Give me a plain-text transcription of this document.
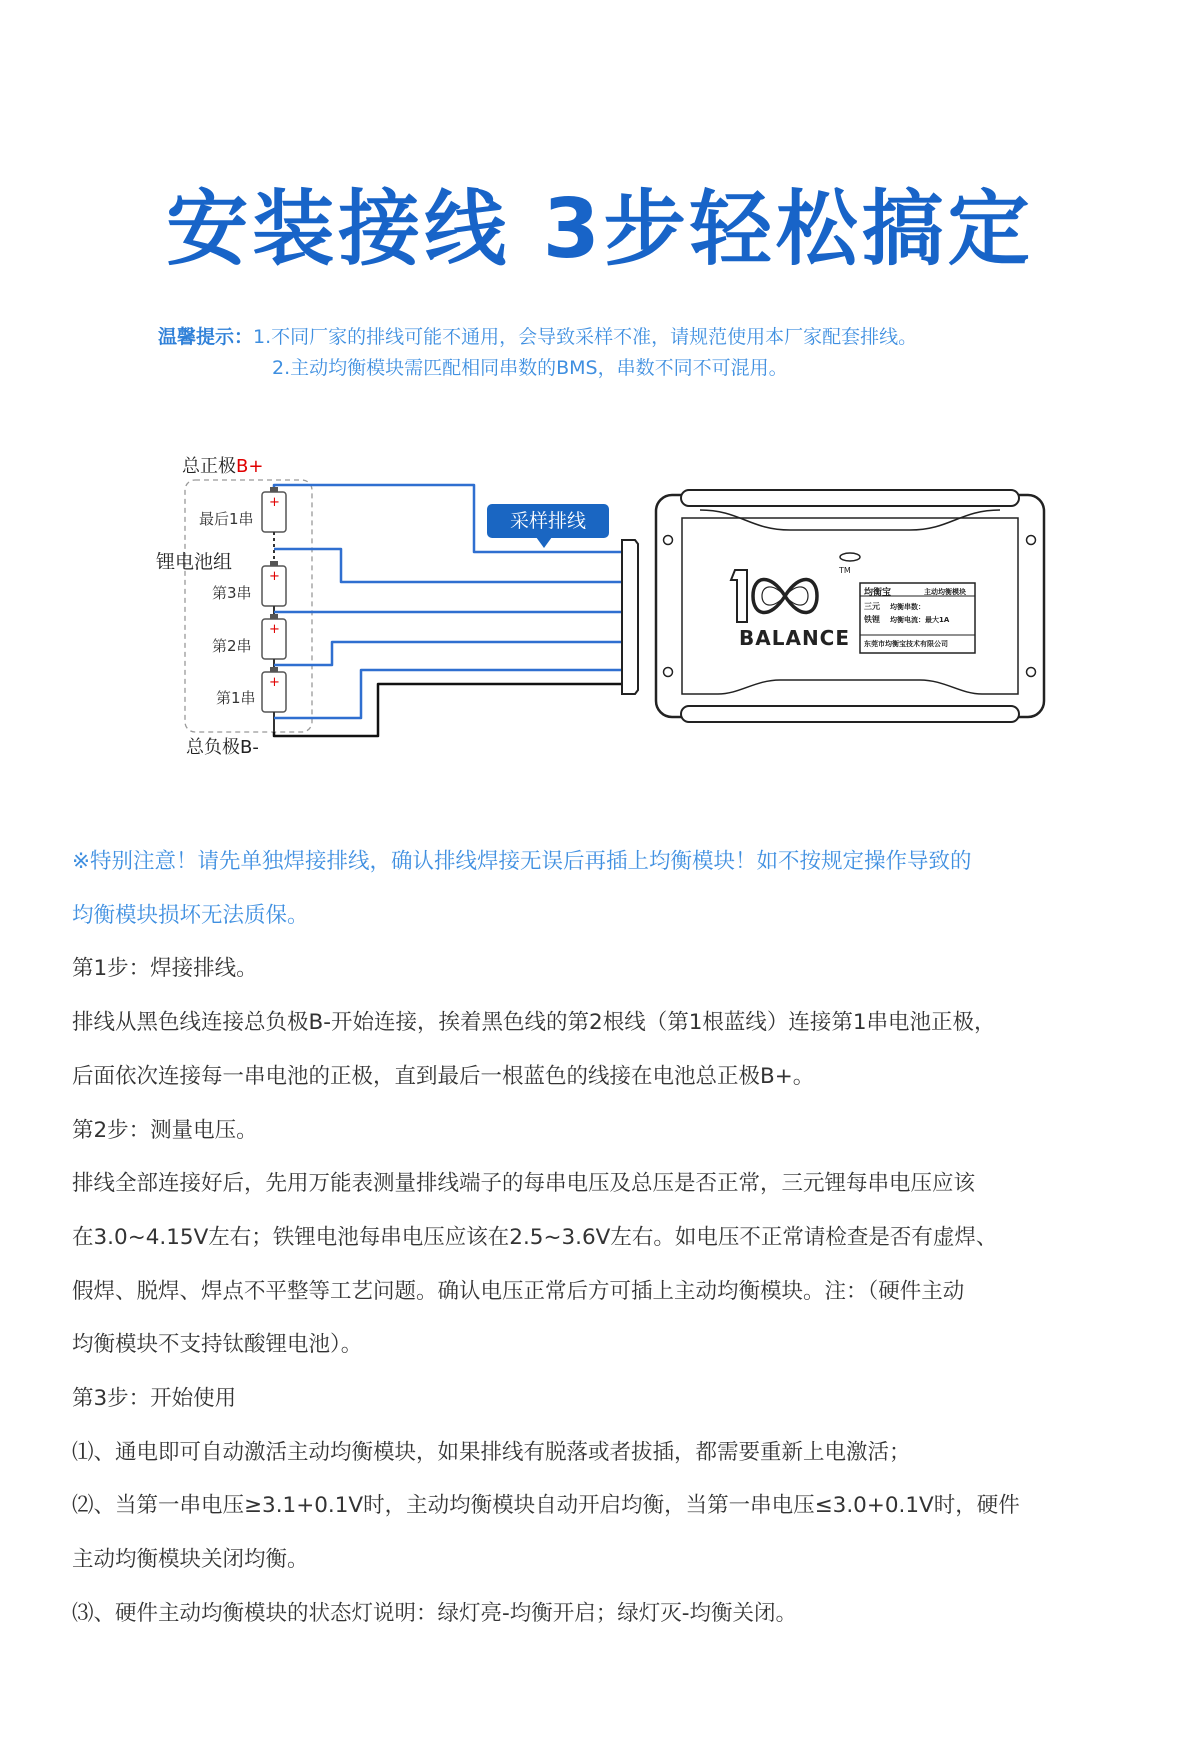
安装接线 3步轻松搞定
温馨提示：1.不同厂家的排线可能不通用，会导致采样不准，请规范使用本厂家配套排线。
2.主动均衡模块需匹配相同串数的BMS，串数不同不可混用。
+
+
+
+
总正极B+
总负极B-
锂电池组
最后1串
第3串
第2串
第1串
采样排线
BALANCE
TM
均衡宝	主动均衡模块
三元 均衡串数：
铁锂 均衡电流：最大1A
东莞市均衡宝技术有限公司

※特别注意！请先单独焊接排线，确认排线焊接无误后再插上均衡模块！如不按规定操作导致的

均衡模块损坏无法质保。

第1步：焊接排线。

排线从黑色线连接总负极B-开始连接，挨着黑色线的第2根线（第1根蓝线）连接第1串电池正极，

后面依次连接每一串电池的正极，直到最后一根蓝色的线接在电池总正极B+。

第2步：测量电压。

排线全部连接好后，先用万能表测量排线端子的每串电压及总压是否正常，三元锂每串电压应该

在3.0~4.15V左右；铁锂电池每串电压应该在2.5~3.6V左右。如电压不正常请检查是否有虚焊、

假焊、脱焊、焊点不平整等工艺问题。确认电压正常后方可插上主动均衡模块。注：（硬件主动

均衡模块不支持钛酸锂电池）。

第3步：开始使用

⑴、通电即可自动激活主动均衡模块，如果排线有脱落或者拔插，都需要重新上电激活；

⑵、当第一串电压≥3.1+0.1V时，主动均衡模块自动开启均衡，当第一串电压≤3.0+0.1V时，硬件

主动均衡模块关闭均衡。

⑶、硬件主动均衡模块的状态灯说明：绿灯亮-均衡开启；绿灯灭-均衡关闭。
